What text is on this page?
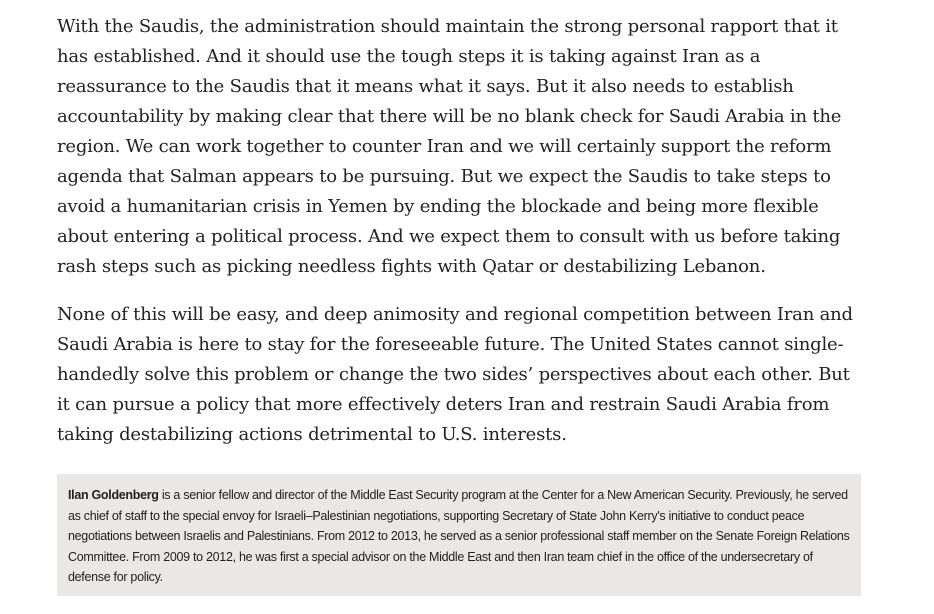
With the Saudis, the administration should maintain the strong personal rapport that it has established. And it should use the tough steps it is taking against Iran as a reassurance to the Saudis that it means what it says. But it also needs to establish accountability by making clear that there will be no blank check for Saudi Arabia in the region. We can work together to counter Iran and we will certainly support the reform agenda that Salman appears to be pursuing. But we expect the Saudis to take steps to avoid a humanitarian crisis in Yemen by ending the blockade and being more flexible about entering a political process. And we expect them to consult with us before taking rash steps such as picking needless fights with Qatar or destabilizing Lebanon.

None of this will be easy, and deep animosity and regional competition between Iran and Saudi Arabia is here to stay for the foreseeable future. The United States cannot single-handedly solve this problem or change the two sides’ perspectives about each other. But it can pursue a policy that more effectively deters Iran and restrain Saudi Arabia from taking destabilizing actions detrimental to U.S. interests.

Ilan Goldenberg is a senior fellow and director of the Middle East Security program at the Center for a New American Security. Previously, he served as chief of staff to the special envoy for Israeli–Palestinian negotiations, supporting Secretary of State John Kerry's initiative to conduct peace negotiations between Israelis and Palestinians. From 2012 to 2013, he served as a senior professional staff member on the Senate Foreign Relations Committee. From 2009 to 2012, he was first a special advisor on the Middle East and then Iran team chief in the office of the undersecretary of defense for policy.
